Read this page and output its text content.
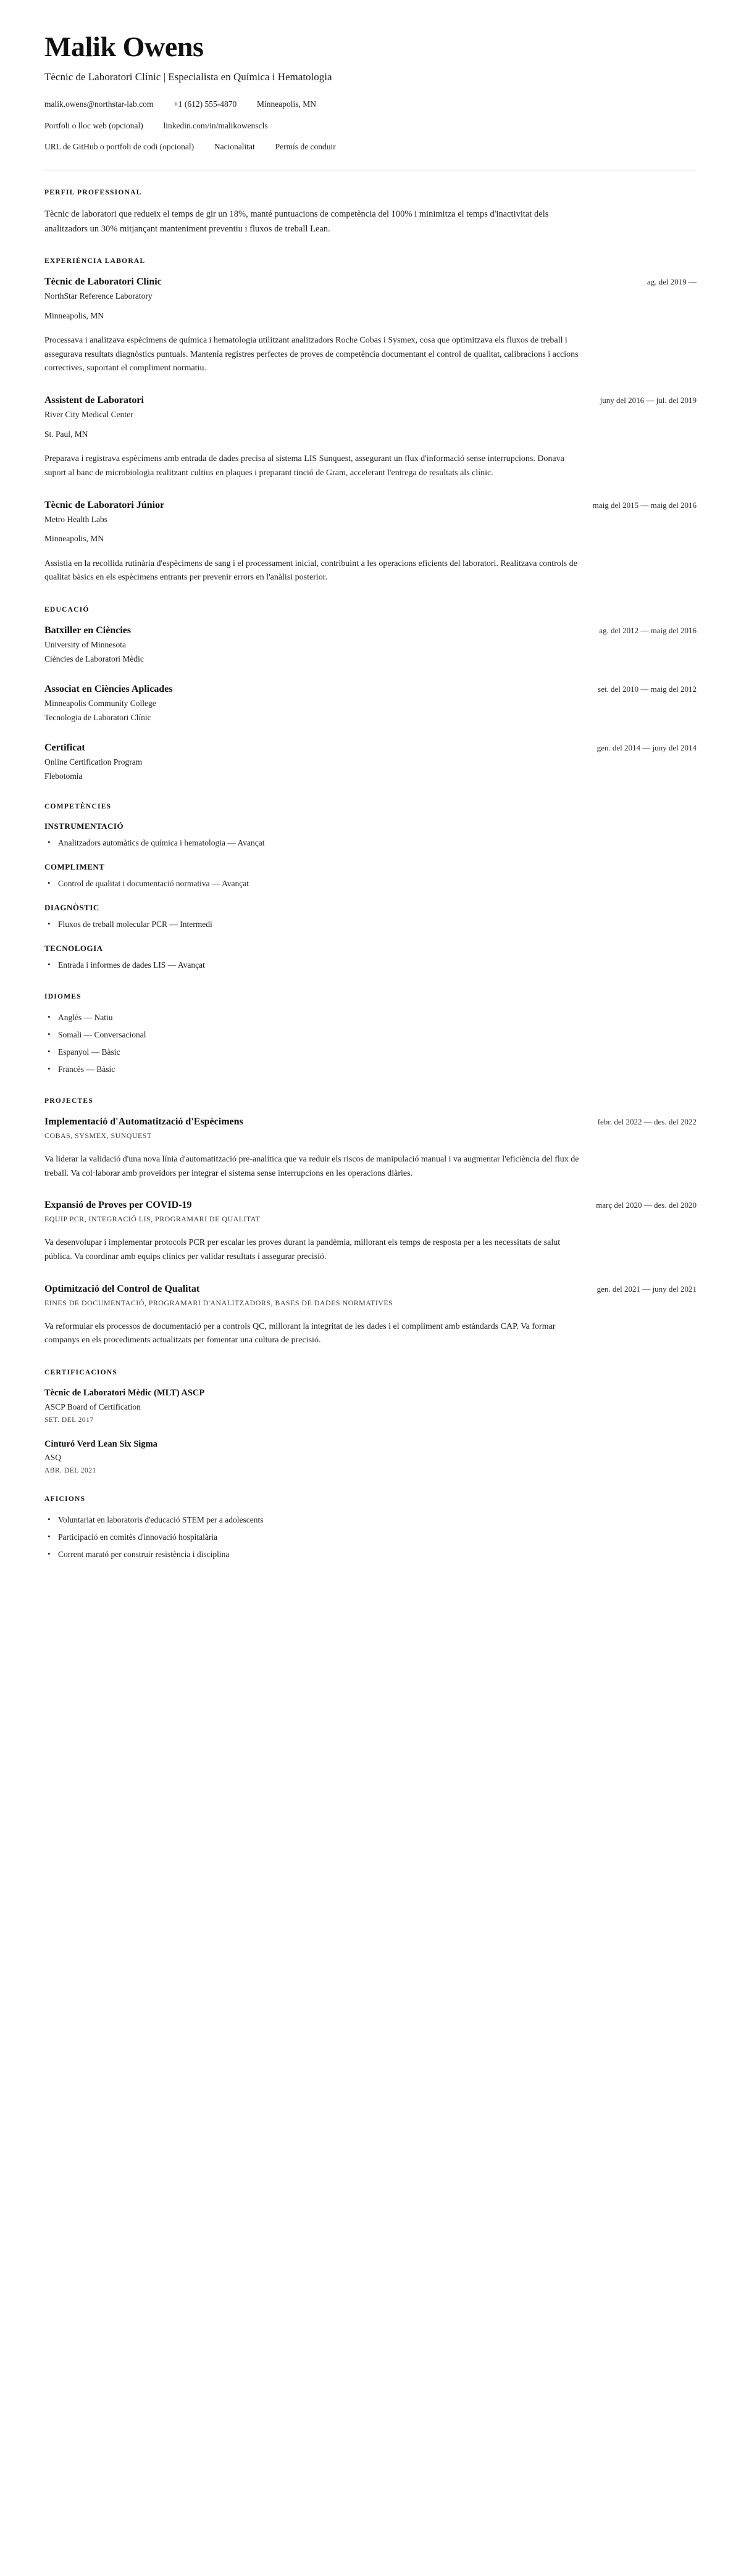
Malik Owens

Tècnic de Laboratori Clínic | Especialista en Química i Hematologia

malik.owens@northstar-lab.com +1 (612) 555-4870 Minneapolis, MN

Portfoli o lloc web (opcional) linkedin.com/in/malikowenscls

URL de GitHub o portfoli de codi (opcional) Nacionalitat Permís de conduir

PERFIL PROFESSIONAL

Tècnic de laboratori que redueix el temps de gir un 18%, manté puntuacions de competència del 100% i minimitza el temps d'inactivitat dels analitzadors un 30% mitjançant manteniment preventiu i fluxos de treball Lean.

EXPERIÈNCIA LABORAL
Tècnic de Laboratori Clínic	ag. del 2019 —

NorthStar Reference Laboratory

Minneapolis, MN

Processava i analitzava espècimens de química i hematologia utilitzant analitzadors Roche Cobas i Sysmex, cosa que optimitzava els fluxos de treball i assegurava resultats diagnòstics puntuals. Mantenía registres perfectes de proves de competència documentant el control de qualitat, calibracions i accions correctives, suportant el compliment normatiu.

Assistent de Laboratori	juny del 2016 — jul. del 2019

River City Medical Center

St. Paul, MN

Preparava i registrava espècimens amb entrada de dades precisa al sistema LIS Sunquest, assegurant un flux d'informació sense interrupcions. Donava suport al banc de microbiologia realitzant cultius en plaques i preparant tinció de Gram, accelerant l'entrega de resultats als clínic.

Tècnic de Laboratori Júnior	maig del 2015 — maig del 2016

Metro Health Labs

Minneapolis, MN

Assistia en la recollida rutinària d'espècimens de sang i el processament inicial, contribuint a les operacions eficients del laboratori. Realitzava controls de qualitat bàsics en els espècimens entrants per prevenir errors en l'anàlisi posterior.

EDUCACIÓ
Batxiller en Ciències	ag. del 2012 — maig del 2016

University of Minnesota

Ciències de Laboratori Mèdic

Associat en Ciències Aplicades	set. del 2010 — maig del 2012

Minneapolis Community College

Tecnologia de Laboratori Clínic

Certificat	gen. del 2014 — juny del 2014

Online Certification Program

Flebotomia

COMPETÈNCIES
INSTRUMENTACIÓ
• Analitzadors automàtics de química i hematologia — Avançat
COMPLIMENT
• Control de qualitat i documentació normativa — Avançat
DIAGNÒSTIC
• Fluxos de treball molecular PCR — Intermedi
TECNOLOGIA
• Entrada i informes de dades LIS — Avançat
IDIOMES
• Anglès — Natiu
• Somali — Conversacional
• Espanyol — Bàsic
• Francès — Bàsic
PROJECTES
Implementació d'Automatització d'Espècimens	febr. del 2022 — des. del 2022

COBAS, SYSMEX, SUNQUEST

Va liderar la validació d'una nova línia d'automatització pre-analítica que va reduir els riscos de manipulació manual i va augmentar l'eficiència del flux de treball. Va col·laborar amb proveïdors per integrar el sistema sense interrupcions en les operacions diàries.

Expansió de Proves per COVID-19	març del 2020 — des. del 2020

EQUIP PCR, INTEGRACIÓ LIS, PROGRAMARI DE QUALITAT

Va desenvolupar i implementar protocols PCR per escalar les proves durant la pandèmia, millorant els temps de resposta per a les necessitats de salut pública. Va coordinar amb equips clínics per validar resultats i assegurar precisió.

Optimització del Control de Qualitat	gen. del 2021 — juny del 2021

EINES DE DOCUMENTACIÓ, PROGRAMARI D'ANALITZADORS, BASES DE DADES NORMATIVES

Va reformular els processos de documentació per a controls QC, millorant la integritat de les dades i el compliment amb estàndards CAP. Va formar companys en els procediments actualitzats per fomentar una cultura de precisió.

CERTIFICACIONS

Tècnic de Laboratori Mèdic (MLT) ASCP

ASCP Board of Certification

SET. DEL 2017

Cinturó Verd Lean Six Sigma

ASQ

ABR. DEL 2021

AFICIONS
• Voluntariat en laboratoris d'educació STEM per a adolescents
• Participació en comitès d'innovació hospitalària
• Corrent marató per construir resistència i disciplina
